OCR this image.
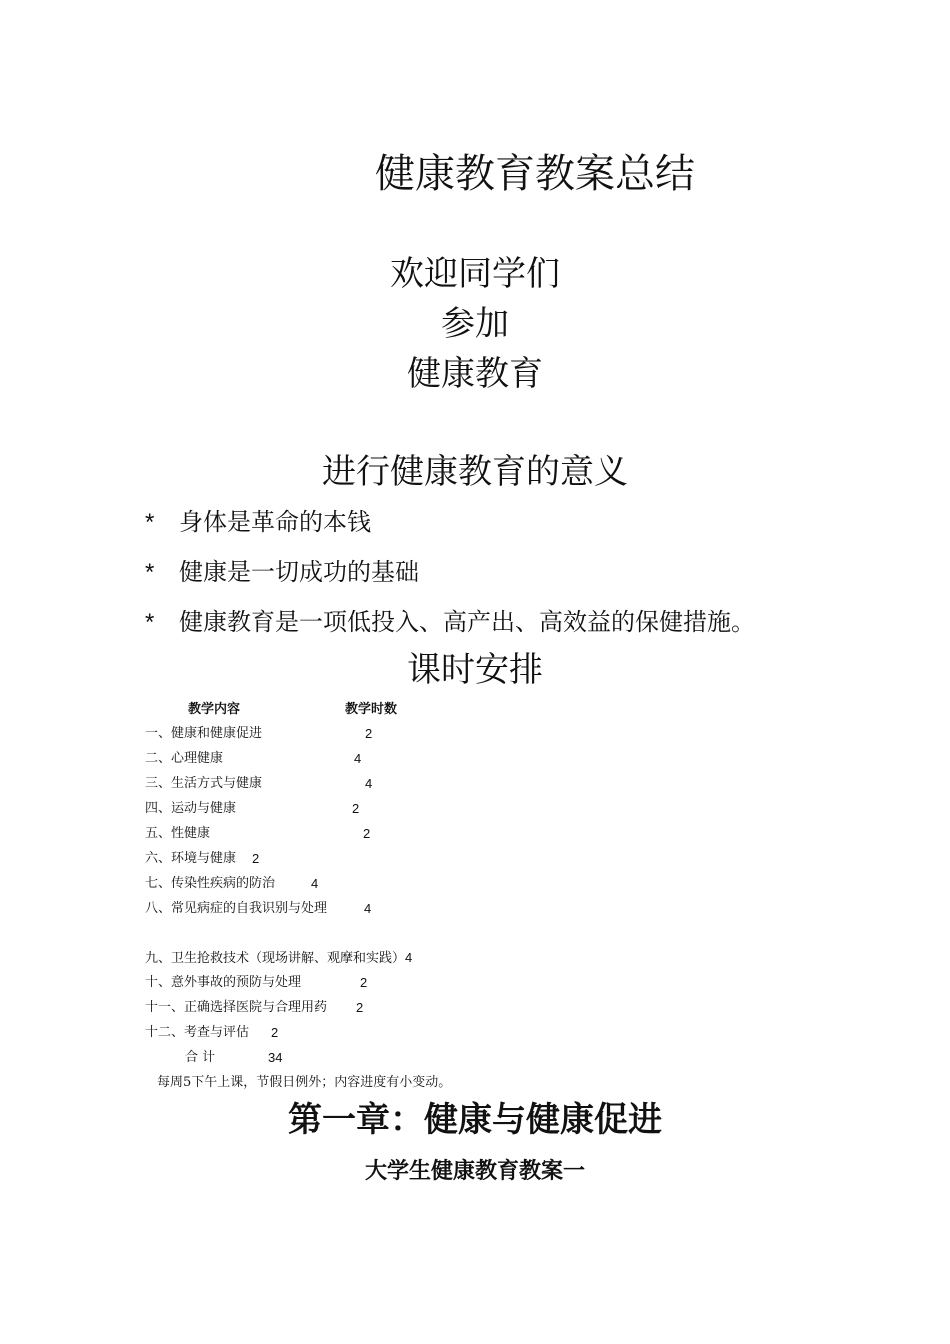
健康教育教案总结
欢迎同学们
参加
健康教育
进行健康教育的意义
* 身体是革命的本钱
* 健康是一切成功的基础
* 健康教育是一项低投入、高产出、高效益的保健措施。
课时安排
教学内容	教学时数
一、健康和健康促进	2
二、心理健康	4
三、生活方式与健康	4
四、运动与健康	2
五、性健康	2
六、环境与健康 2
七、传染性疾病的防治	4
八、常见病症的自我识别与处理	4
九、卫生抢救技术（现场讲解、观摩和实践）4
十、意外事故的预防与处理	2
十一、正确选择医院与合理用药 2
十二、考查与评估 2
合 计	34
每周5下午上课，节假日例外；内容进度有小变动。
第一章：健康与健康促进
大学生健康教育教案一
